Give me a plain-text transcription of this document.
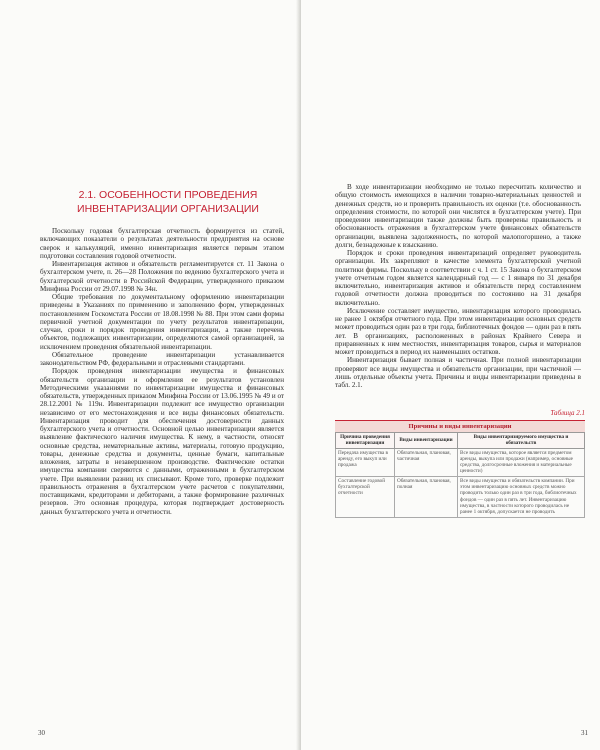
2.1. ОСОБЕННОСТИ ПРОВЕДЕНИЯ ИНВЕНТАРИЗАЦИИ ОРГАНИЗАЦИИ

Поскольку годовая бухгалтерская отчетность формируется из статей, включающих показатели о результатах деятельности предприятия на основе сверок и калькуляций, именно инвентаризация является первым этапом подготовки составления годовой отчетности.

Инвентаризация активов и обязательств регламентируется ст. 11 Закона о бухгалтерском учете, п. 26—28 Положения по ведению бухгалтерского учета и бухгалтерской отчетности в Российской Федерации, утвержденного приказом Минфина России от 29.07.1998 № 34н.

Общие требования по документальному оформлению инвентаризации приведены в Указаниях по применению и заполнению форм, утвержденных постановлением Госкомстата России от 18.08.1998 № 88. При этом сами формы первичной учетной документации по учету результатов инвентаризации, случаи, сроки и порядок проведения инвентаризации, а также перечень объектов, подлежащих инвентаризации, определяются самой организацией, за исключением проведения обязательной инвентаризации.

Обязательное проведение инвентаризации устанавливается законодательством РФ, федеральными и отраслевыми стандартами.

Порядок проведения инвентаризации имущества и финансовых обязательств организации и оформления ее результатов установлен Методическими указаниями по инвентаризации имущества и финансовых обязательств, утвержденных приказом Минфина России от 13.06.1995 № 49 и от 28.12.2001 № 119н. Инвентаризации подлежит все имущество организации независимо от его местонахождения и все виды финансовых обязательств. Инвентаризация проводит для обеспечения достоверности данных бухгалтерского учета и отчетности. Основной целью инвентаризации является выявление фактического наличия имущества. К нему, в частности, относят основные средства, нематериальные активы, материалы, готовую продукцию, товары, денежные средства и документы, ценные бумаги, капитальные вложения, затраты в незавершенном производстве. Фактические остатки имущества компании сверяются с данными, отраженными в бухгалтерском учете. При выявлении разниц их списывают. Кроме того, проверке подлежит правильность отражения в бухгалтерском учете расчетов с покупателями, поставщиками, кредиторами и дебиторами, а также формирование различных резервов. Это основная процедура, которая подтверждает достоверность данных бухгалтерского учета и отчетности.

30

В ходе инвентаризации необходимо не только пересчитать количество и общую стоимость имеющихся в наличии товарно-материальных ценностей и денежных средств, но и проверить правильность их оценки (т.е. обоснованность определения стоимости, по которой они числятся в бухгалтерском учете). При проведении инвентаризации также должны быть проверены правильность и обоснованность отражения в бухгалтерском учете финансовых обязательств организации, выявлена задолженность, по которой малопогоршено, а также долги, безнадежные к взысканию.

Порядок и сроки проведения инвентаризаций определяет руководитель организации. Их закрепляют в качестве элемента бухгалтерской учетной политики фирмы. Поскольку в соответствии с ч. 1 ст. 15 Закона о бухгалтерском учете отчетным годом является календарный год — с 1 января по 31 декабря включительно, инвентаризация активов и обязательств перед составлением годовой отчетности должна проводиться по состоянию на 31 декабря включительно.

Исключение составляет имущество, инвентаризация которого проводилась не ранее 1 октября отчетного года. При этом инвентаризации основных средств может проводиться один раз в три года, библиотечных фондов — один раз в пять лет. В организациях, расположенных в районах Крайнего Севера и приравненных к ним местностях, инвентаризация товаров, сырья и материалов может проводиться в период их наименьших остатков.

Инвентаризация бывает полная и частичная. При полной инвентаризации проверяют все виды имущества и обязательств организации, при частичной — лишь отдельные объекты учета. Причины и виды инвентаризации приведены в табл. 2.1.

Таблица 2.1
Причины и виды инвентаризации
Причина проведения инвентаризации	Виды инвентаризации	Виды инвентаризируемого имущества и обязательств
Передача имущества в аренду, его выкуп или продажа	Обязательная, плановая, частичная	Все виды имущества, которое является предметом аренды, выкупа или продажи (например, основные средства, долгосрочные вложения и материальные ценности)
Составление годовой бухгалтерской отчетности	Обязательная, плановая, полная	Все виды имущества и обязательств компании. При этом инвентаризацию основных средств можно проводить только один раз в три года, библиотечных фондов — один раз в пять лет. Инвентаризацию имущества, в частности которого проводилась не ранее 1 октября, допускается не проводить
31
